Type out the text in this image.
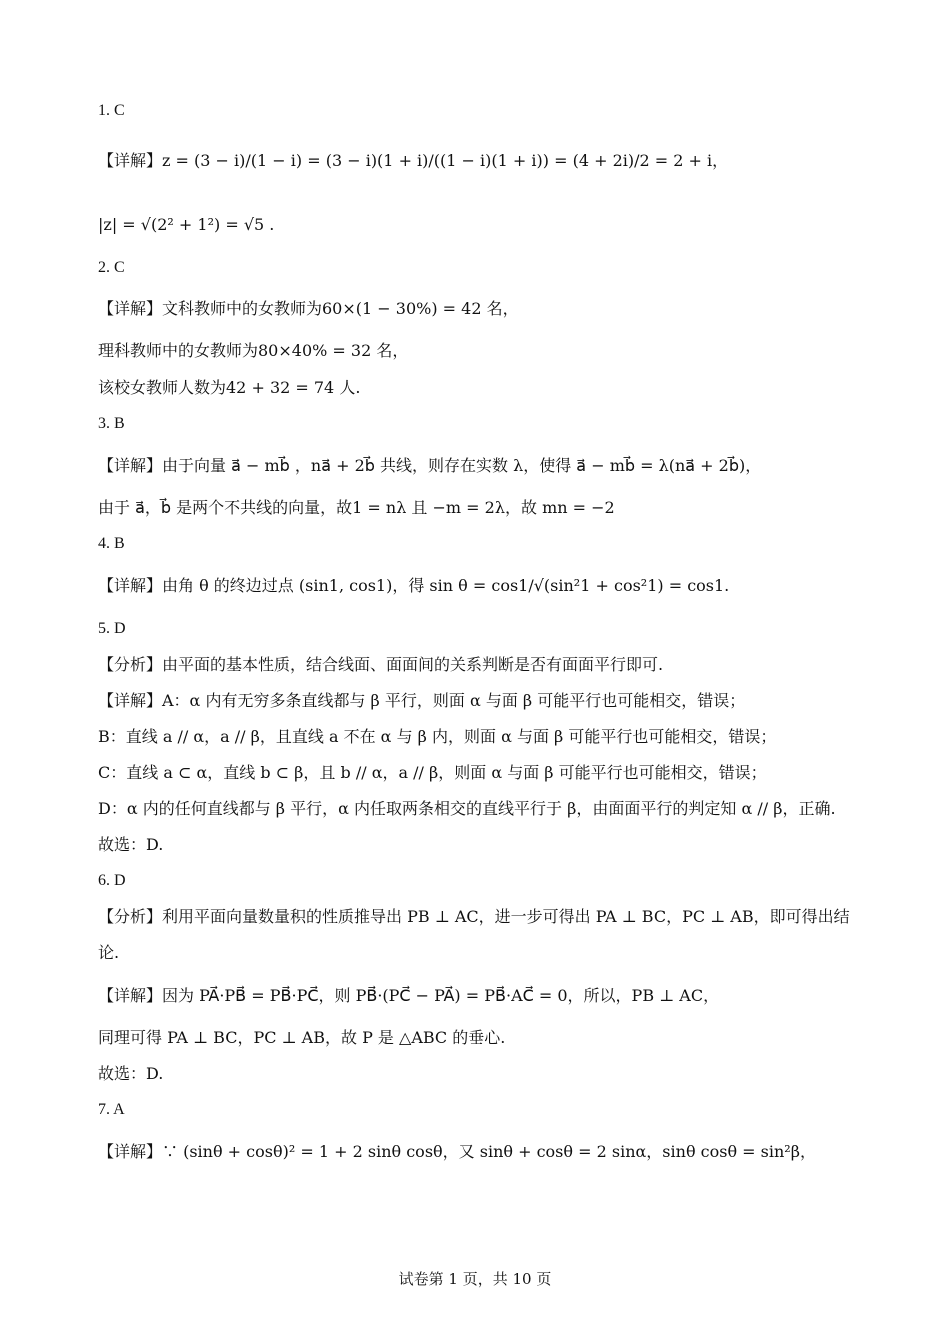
1. C
【详解】z = (3 − i)/(1 − i) = (3 − i)(1 + i)/((1 − i)(1 + i)) = (4 + 2i)/2 = 2 + i，
|z| = √(2² + 1²) = √5 .
2. C
【详解】文科教师中的女教师为60×(1 − 30%) = 42 名，
理科教师中的女教师为80×40% = 32 名，
该校女教师人数为42 + 32 = 74 人.
3. B
【详解】由于向量 a⃗ − mb⃗ ，na⃗ + 2b⃗ 共线，则存在实数 λ，使得 a⃗ − mb⃗ = λ(na⃗ + 2b⃗)，
由于 a⃗，b⃗ 是两个不共线的向量，故1 = nλ 且 −m = 2λ，故 mn = −2
4. B
【详解】由角 θ 的终边过点 (sin1, cos1)，得 sin θ = cos1/√(sin²1 + cos²1) = cos1.
5. D
【分析】由平面的基本性质，结合线面、面面间的关系判断是否有面面平行即可.
【详解】A：α 内有无穷多条直线都与 β 平行，则面 α 与面 β 可能平行也可能相交，错误；
B：直线 a // α，a // β，且直线 a 不在 α 与 β 内，则面 α 与面 β 可能平行也可能相交，错误；
C：直线 a ⊂ α，直线 b ⊂ β，且 b // α，a // β，则面 α 与面 β 可能平行也可能相交，错误；
D：α 内的任何直线都与 β 平行，α 内任取两条相交的直线平行于 β，由面面平行的判定知 α // β，正确.
故选：D.
6. D
【分析】利用平面向量数量积的性质推导出 PB ⊥ AC，进一步可得出 PA ⊥ BC，PC ⊥ AB，即可得出结
论.
【详解】因为 PA⃗·PB⃗ = PB⃗·PC⃗，则 PB⃗·(PC⃗ − PA⃗) = PB⃗·AC⃗ = 0，所以，PB ⊥ AC，
同理可得 PA ⊥ BC，PC ⊥ AB，故 P 是 △ABC 的垂心.
故选：D.
7. A
【详解】∵ (sinθ + cosθ)² = 1 + 2 sinθ cosθ，又 sinθ + cosθ = 2 sinα，sinθ cosθ = sin²β，
试卷第 1 页，共 10 页
